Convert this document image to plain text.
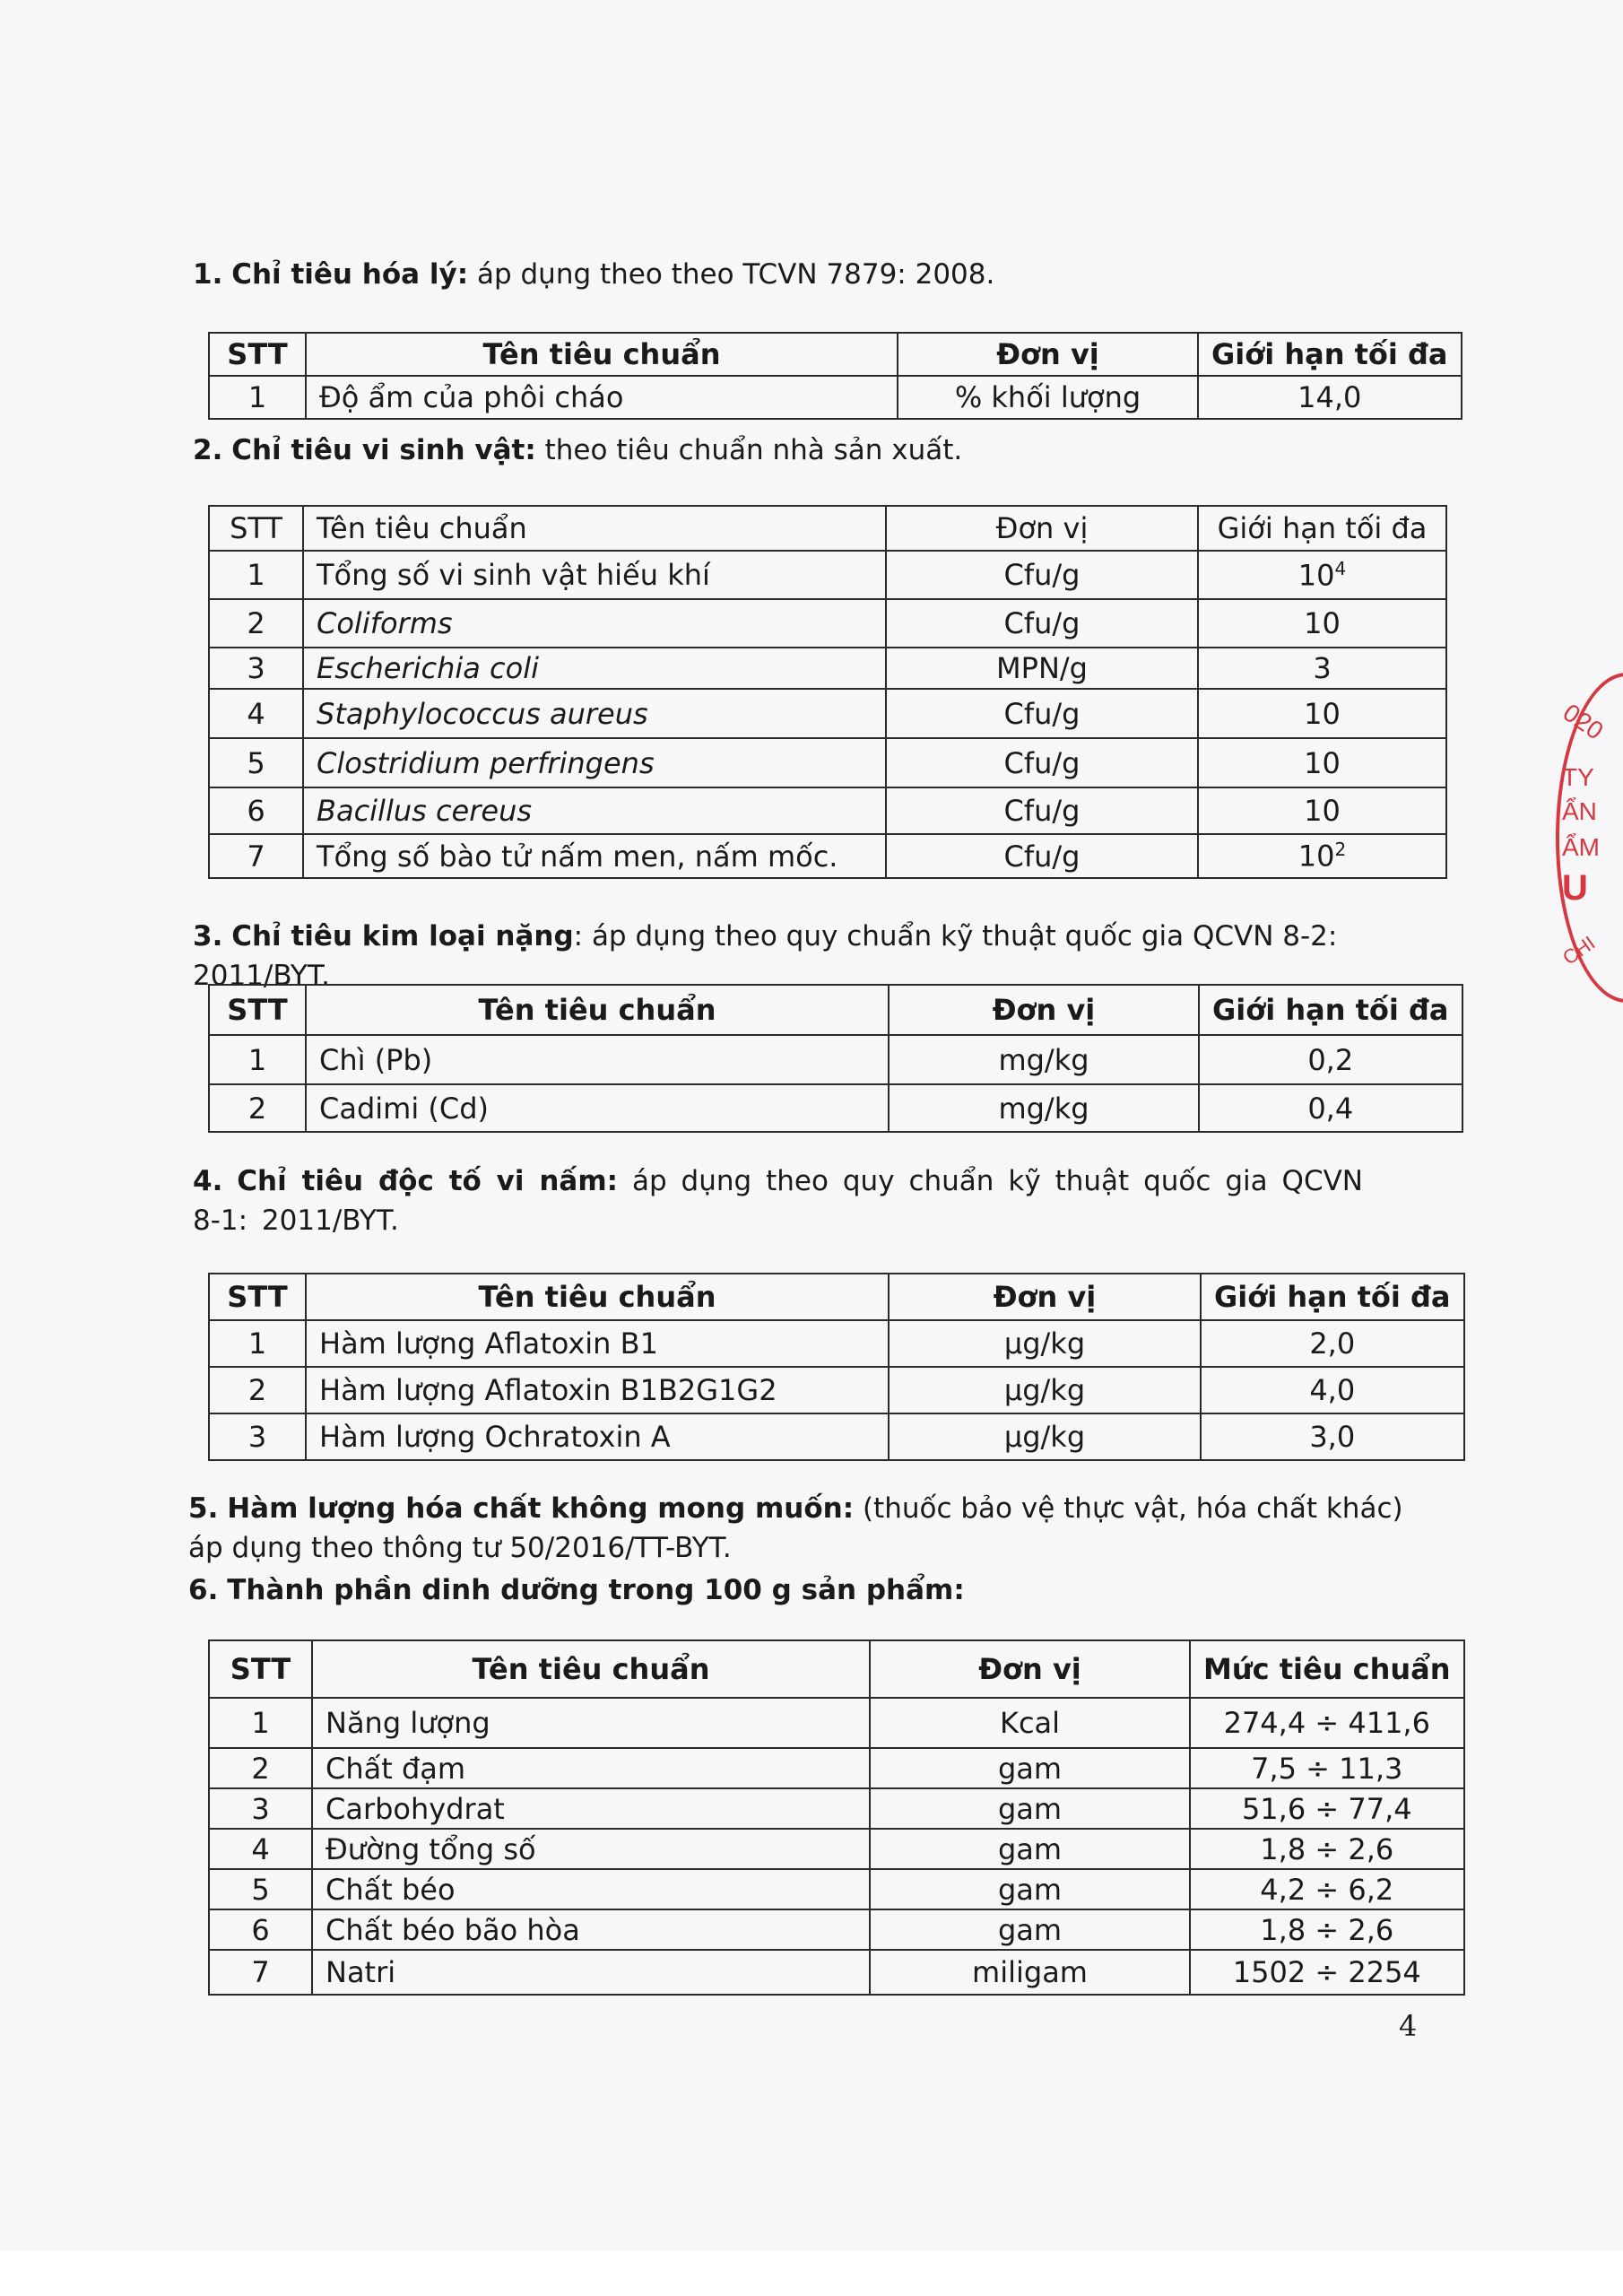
1. Chỉ tiêu hóa lý: áp dụng theo theo TCVN 7879: 2008.

STT	Tên tiêu chuẩn	Đơn vị	Giới hạn tối đa
1	Độ ẩm của phôi cháo	% khối lượng	14,0

2. Chỉ tiêu vi sinh vật: theo tiêu chuẩn nhà sản xuất.

STT	Tên tiêu chuẩn	Đơn vị	Giới hạn tối đa
1	Tổng số vi sinh vật hiếu khí	Cfu/g	$10^4$
2	Coliforms	Cfu/g	10
3	Escherichia coli	MPN/g	3
4	Staphylococcus aureus	Cfu/g	10
5	Clostridium perfringens	Cfu/g	10
6	Bacillus cereus	Cfu/g	10
7	Tổng số bào tử nấm men, nấm mốc.	Cfu/g	$10^2$

3. Chỉ tiêu kim loại nặng: áp dụng theo quy chuẩn kỹ thuật quốc gia QCVN 8-2: 2011/BYT.

STT	Tên tiêu chuẩn	Đơn vị	Giới hạn tối đa
1	Chì (Pb)	mg/kg	0,2
2	Cadimi (Cd)	mg/kg	0,4

4. Chỉ tiêu độc tố vi nấm: áp dụng theo quy chuẩn kỹ thuật quốc gia QCVN 8-1: 2011/BYT.

STT	Tên tiêu chuẩn	Đơn vị	Giới hạn tối đa
1	Hàm lượng Aflatoxin B1	µg/kg	2,0
2	Hàm lượng Aflatoxin B1B2G1G2	µg/kg	4,0
3	Hàm lượng Ochratoxin A	µg/kg	3,0

5. Hàm lượng hóa chất không mong muốn: (thuốc bảo vệ thực vật, hóa chất khác) áp dụng theo thông tư 50/2016/TT-BYT.

6. Thành phần dinh dưỡng trong 100 g sản phẩm:

STT	Tên tiêu chuẩn	Đơn vị	Mức tiêu chuẩn
1	Năng lượng	Kcal	274,4 ÷ 411,6
2	Chất đạm	gam	7,5 ÷ 11,3
3	Carbohydrat	gam	51,6 ÷ 77,4
4	Đường tổng số	gam	1,8 ÷ 2,6
5	Chất béo	gam	4,2 ÷ 6,2
6	Chất béo bão hòa	gam	1,8 ÷ 2,6
7	Natri	miligam	1502 ÷ 2254
4
020
TY
ẨN
ẨM
U
CHI
